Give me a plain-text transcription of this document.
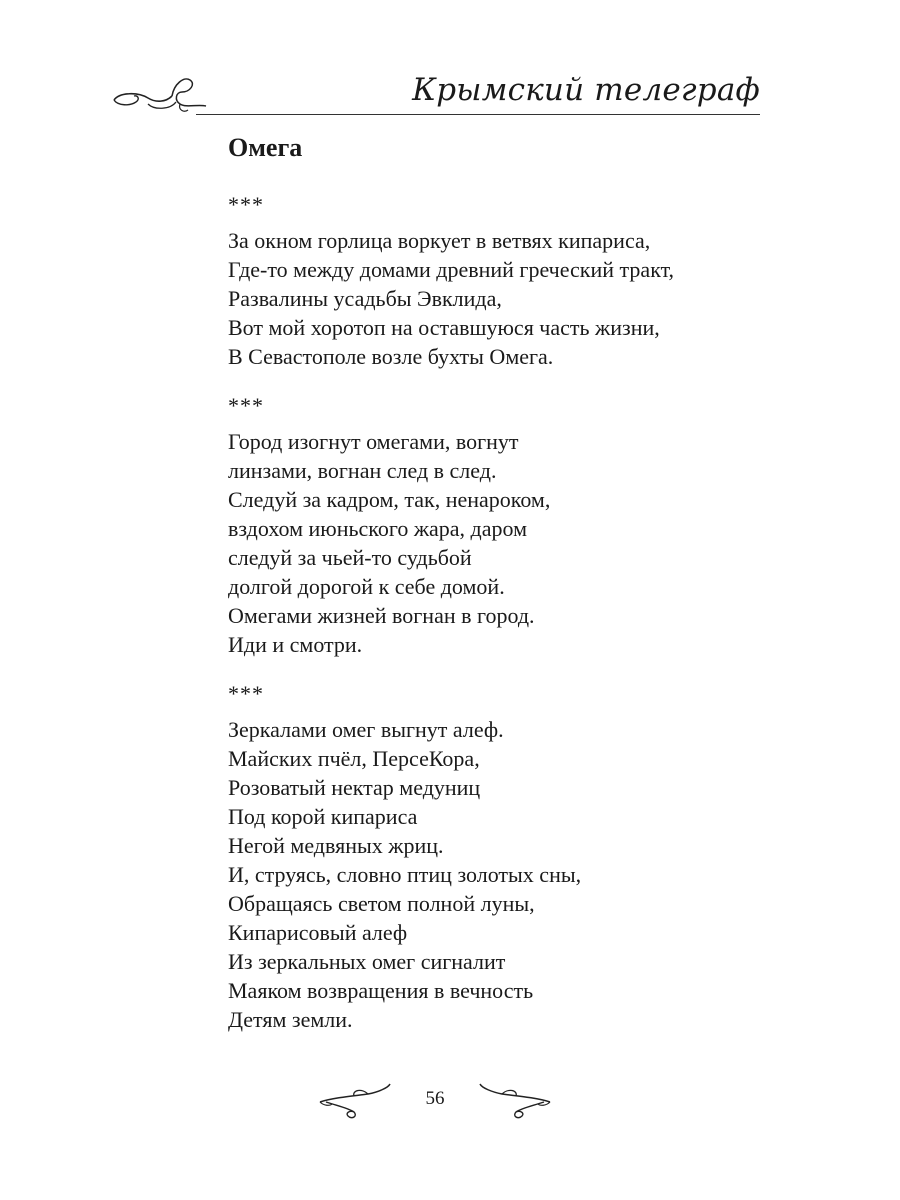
Крымский телеграф
Омега
***
За окном горлица воркует в ветвях кипариса,
Где-то между домами древний греческий тракт,
Развалины усадьбы Эвклида,
Вот мой хоротоп на оставшуюся часть жизни,
В Севастополе возле бухты Омега.
***
Город изогнут омегами, вогнут
линзами, вогнан след в след.
Следуй за кадром, так, ненароком,
вздохом июньского жара, даром
следуй за чьей-то судьбой
долгой дорогой к себе домой.
Омегами жизней вогнан в город.
Иди и смотри.
***
Зеркалами омег выгнут алеф.
Майских пчёл, ПерсеКора,
Розоватый нектар медуниц
Под корой кипариса
Негой медвяных жриц.
И, струясь, словно птиц золотых сны,
Обращаясь светом полной луны,
Кипарисовый алеф
Из зеркальных омег сигналит
Маяком возвращения в вечность
Детям земли.
56
